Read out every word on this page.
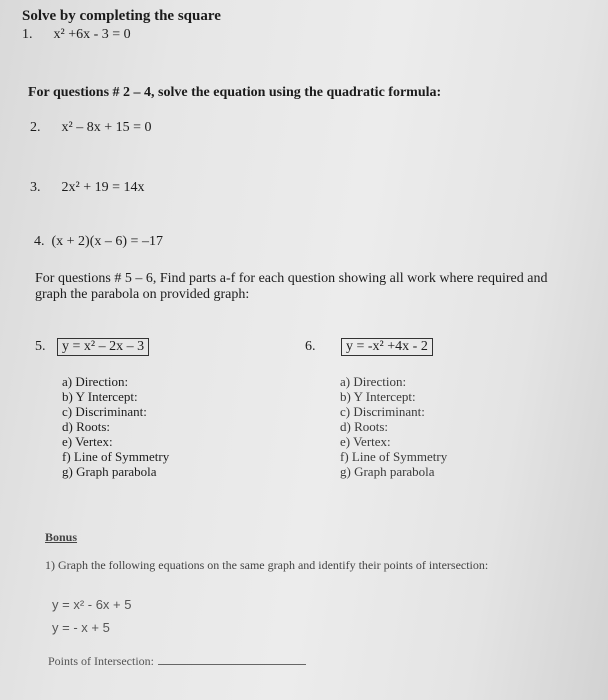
Solve by completing the square
1. x² +6x - 3 = 0
For questions # 2 – 4, solve the equation using the quadratic formula:
2. x² – 8x + 15 = 0
3. 2x² + 19 = 14x
4. (x + 2)(x – 6) = –17
For questions # 5 – 6, Find parts a-f for each question showing all work where required and
graph the parabola on provided graph:
5. y = x² – 2x – 3	6. y = -x² +4x - 2
a) Direction:
b) Y Intercept:
c) Discriminant:
d) Roots:
e) Vertex:
f) Line of Symmetry
g) Graph parabola
a) Direction:
b) Y Intercept:
c) Discriminant:
d) Roots:
e) Vertex:
f) Line of Symmetry
g) Graph parabola
Bonus
1) Graph the following equations on the same graph and identify their points of intersection:
y = x² - 6x + 5
y = - x + 5
Points of Intersection:
